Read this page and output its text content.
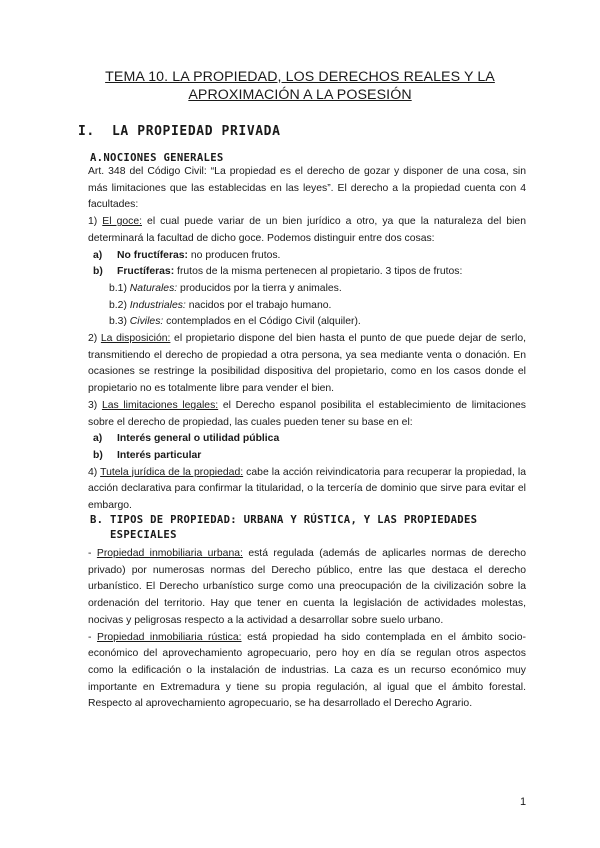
TEMA 10. LA PROPIEDAD, LOS DERECHOS REALES Y LA
APROXIMACIÓN A LA POSESIÓN
I. LA PROPIEDAD PRIVADA
A.NOCIONES GENERALES

Art. 348 del Código Civil: “La propiedad es el derecho de gozar y disponer de una cosa, sin más limitaciones que las establecidas en las leyes”. El derecho a la propiedad cuenta con 4 facultades:

1) El goce: el cual puede variar de un bien jurídico a otro, ya que la naturaleza del bien determinará la facultad de dicho goce. Podemos distinguir entre dos cosas:

a) No fructíferas: no producen frutos.

b) Fructíferas: frutos de la misma pertenecen al propietario. 3 tipos de frutos:

b.1) Naturales: producidos por la tierra y animales.

b.2) Industriales: nacidos por el trabajo humano.

b.3) Civiles: contemplados en el Código Civil (alquiler).

2) La disposición: el propietario dispone del bien hasta el punto de que puede dejar de serlo, transmitiendo el derecho de propiedad a otra persona, ya sea mediante venta o donación. En ocasiones se restringe la posibilidad dispositiva del propietario, como en los casos donde el propietario no es totalmente libre para vender el bien.

3) Las limitaciones legales: el Derecho espanol posibilita el establecimiento de limitaciones sobre el derecho de propiedad, las cuales pueden tener su base en el:

a) Interés general o utilidad pública

b) Interés particular

4) Tutela jurídica de la propiedad: cabe la acción reivindicatoria para recuperar la propiedad, la acción declarativa para confirmar la titularidad, o la tercería de dominio que sirve para evitar el embargo.

B. TIPOS DE PROPIEDAD: URBANA Y RÚSTICA, Y LAS PROPIEDADES
ESPECIALES

- Propiedad inmobiliaria urbana: está regulada (además de aplicarles normas de derecho privado) por numerosas normas del Derecho público, entre las que destaca el derecho urbanístico. El Derecho urbanístico surge como una preocupación de la civilización sobre la ordenación del territorio. Hay que tener en cuenta la legislación de actividades molestas, nocivas y peligrosas respecto a la actividad a desarrollar sobre suelo urbano.

- Propiedad inmobiliaria rústica: está propiedad ha sido contemplada en el ámbito socio-económico del aprovechamiento agropecuario, pero hoy en día se regulan otros aspectos como la edificación o la instalación de industrias. La caza es un recurso económico muy importante en Extremadura y tiene su propia regulación, al igual que el ámbito forestal. Respecto al aprovechamiento agropecuario, se ha desarrollado el Derecho Agrario.

1
